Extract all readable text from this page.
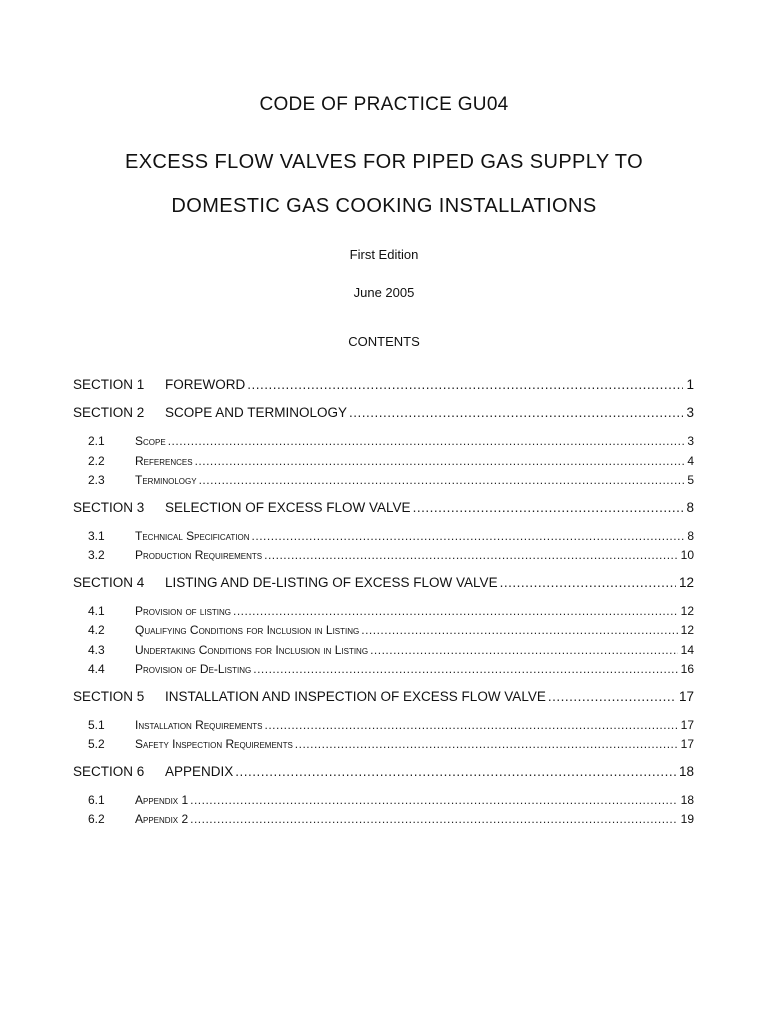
CODE OF PRACTICE GU04
EXCESS FLOW VALVES FOR PIPED GAS SUPPLY TO
DOMESTIC GAS COOKING INSTALLATIONS
First Edition
June 2005
CONTENTS
SECTION 1	FOREWORD .....	1
SECTION 2	SCOPE AND TERMINOLOGY .....	3
2.1	Scope .....	3
2.2	References .....	4
2.3	Terminology .....	5
SECTION 3	SELECTION OF EXCESS FLOW VALVE .....	8
3.1	Technical Specification .....	8
3.2	Production Requirements .....	10
SECTION 4	LISTING AND DE-LISTING OF EXCESS FLOW VALVE .....	12
4.1	Provision of listing .....	12
4.2	Qualifying Conditions for Inclusion in Listing .....	12
4.3	Undertaking Conditions for Inclusion in Listing .....	14
4.4	Provision of De-Listing .....	16
SECTION 5	INSTALLATION AND INSPECTION OF EXCESS FLOW VALVE .....	17
5.1	Installation Requirements .....	17
5.2	Safety Inspection Requirements .....	17
SECTION 6	APPENDIX .....	18
6.1	Appendix 1 .....	18
6.2	Appendix 2 .....	19
